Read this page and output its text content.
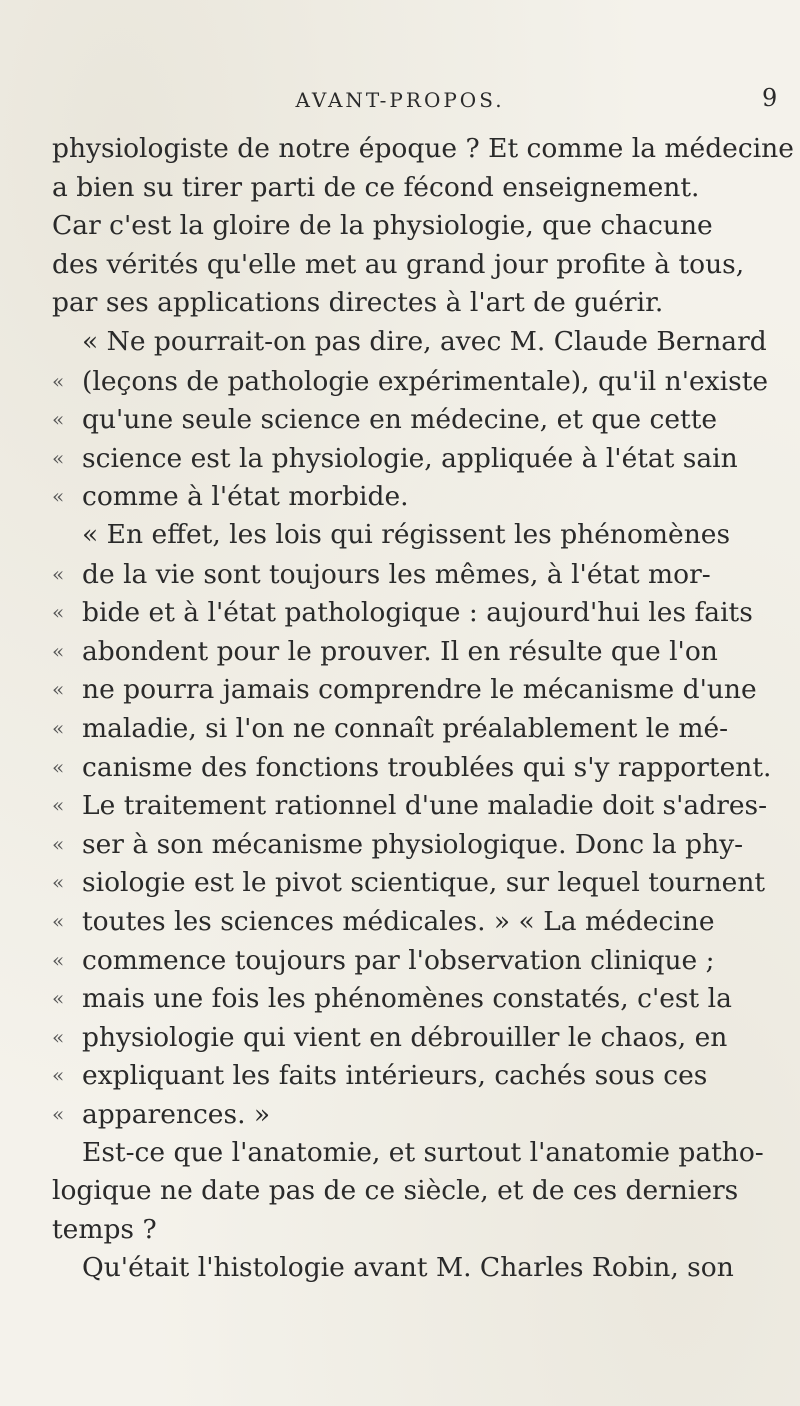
AVANT-PROPOS.	9
physiologiste de notre époque ? Et comme la médecine
a bien su tirer parti de ce fécond enseignement.
Car c'est la gloire de la physiologie, que chacune
des vérités qu'elle met au grand jour profite à tous,
par ses applications directes à l'art de guérir.
« Ne pourrait-on pas dire, avec M. Claude Bernard
« (leçons de pathologie expérimentale), qu'il n'existe
« qu'une seule science en médecine, et que cette
« science est la physiologie, appliquée à l'état sain
« comme à l'état morbide.
« En effet, les lois qui régissent les phénomènes
« de la vie sont toujours les mêmes, à l'état mor-
« bide et à l'état pathologique : aujourd'hui les faits
« abondent pour le prouver. Il en résulte que l'on
« ne pourra jamais comprendre le mécanisme d'une
« maladie, si l'on ne connaît préalablement le mé-
« canisme des fonctions troublées qui s'y rapportent.
« Le traitement rationnel d'une maladie doit s'adres-
« ser à son mécanisme physiologique. Donc la phy-
« siologie est le pivot scientique, sur lequel tournent
« toutes les sciences médicales. » « La médecine
« commence toujours par l'observation clinique ;
« mais une fois les phénomènes constatés, c'est la
« physiologie qui vient en débrouiller le chaos, en
« expliquant les faits intérieurs, cachés sous ces
« apparences. »
Est-ce que l'anatomie, et surtout l'anatomie patho-
logique ne date pas de ce siècle, et de ces derniers
temps ?
Qu'était l'histologie avant M. Charles Robin, son
